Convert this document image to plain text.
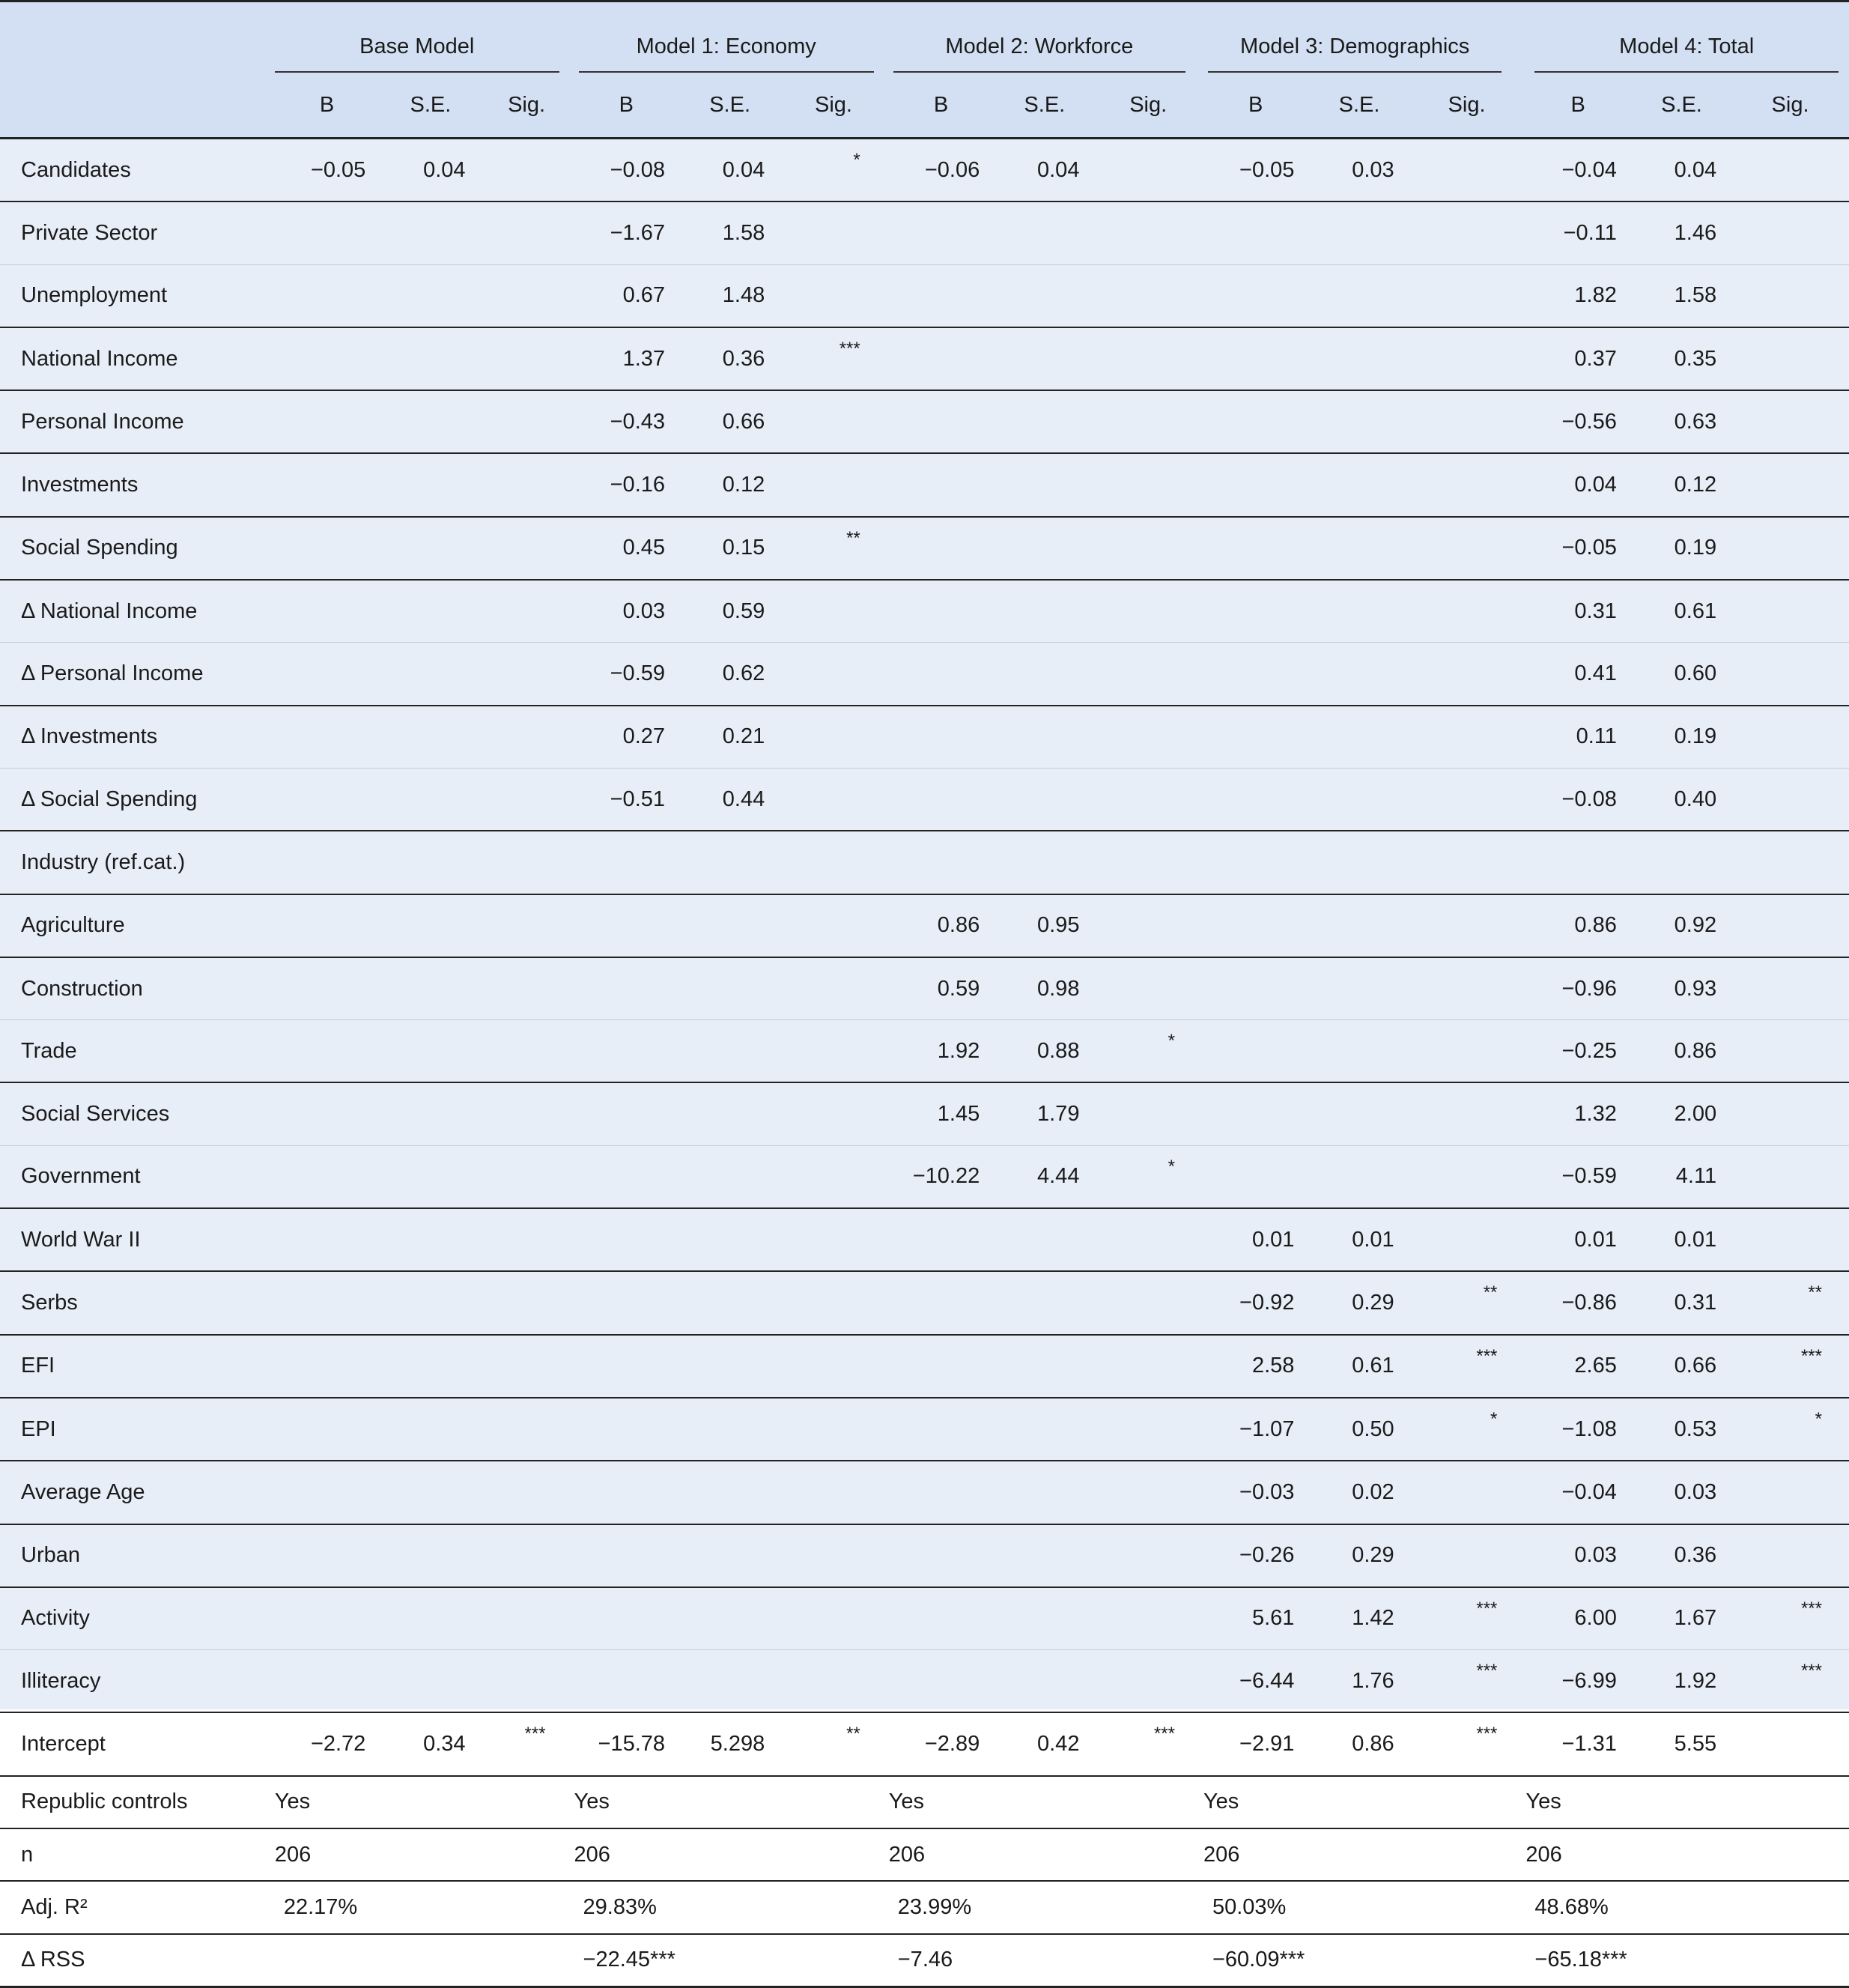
	Base Model			Model 1: Economy			Model 2: Workforce			Model 3: Demographics			Model 4: Total		

	B	S.E.	Sig.	B	S.E.	Sig.	B	S.E.	Sig.	B	S.E.	Sig.	B	S.E.	Sig.
Candidates	−0.05	0.04		−0.08	0.04	*	−0.06	0.04		−0.05	0.03		−0.04	0.04	
Private Sector				−1.67	1.58								−0.11	1.46	
Unemployment				0.67	1.48								1.82	1.58	
National Income				1.37	0.36	***							0.37	0.35	
Personal Income				−0.43	0.66								−0.56	0.63	
Investments				−0.16	0.12								0.04	0.12	
Social Spending				0.45	0.15	**							−0.05	0.19	
Δ National Income				0.03	0.59								0.31	0.61	
Δ Personal Income				−0.59	0.62								0.41	0.60	
Δ Investments				0.27	0.21								0.11	0.19	
Δ Social Spending				−0.51	0.44								−0.08	0.40	
Industry (ref.cat.)															
Agriculture							0.86	0.95					0.86	0.92	
Construction							0.59	0.98					−0.96	0.93	
Trade							1.92	0.88	*				−0.25	0.86	
Social Services							1.45	1.79					1.32	2.00	
Government							−10.22	4.44	*				−0.59	4.11	
World War II										0.01	0.01		0.01	0.01	
Serbs										−0.92	0.29	**	−0.86	0.31	**
EFI										2.58	0.61	***	2.65	0.66	***
EPI										−1.07	0.50	*	−1.08	0.53	*
Average Age										−0.03	0.02		−0.04	0.03	
Urban										−0.26	0.29		0.03	0.36	
Activity										5.61	1.42	***	6.00	1.67	***
Illiteracy										−6.44	1.76	***	−6.99	1.92	***
Intercept	−2.72	0.34	***	−15.78	5.298	**	−2.89	0.42	***	−2.91	0.86	***	−1.31	5.55	
Republic controls	Yes			Yes			Yes			Yes			Yes		
n	206			206			206			206			206		
Adj. R²	22.17%			29.83%			23.99%			50.03%			48.68%		
Δ RSS				−22.45***			−7.46			−60.09***			−65.18***		
